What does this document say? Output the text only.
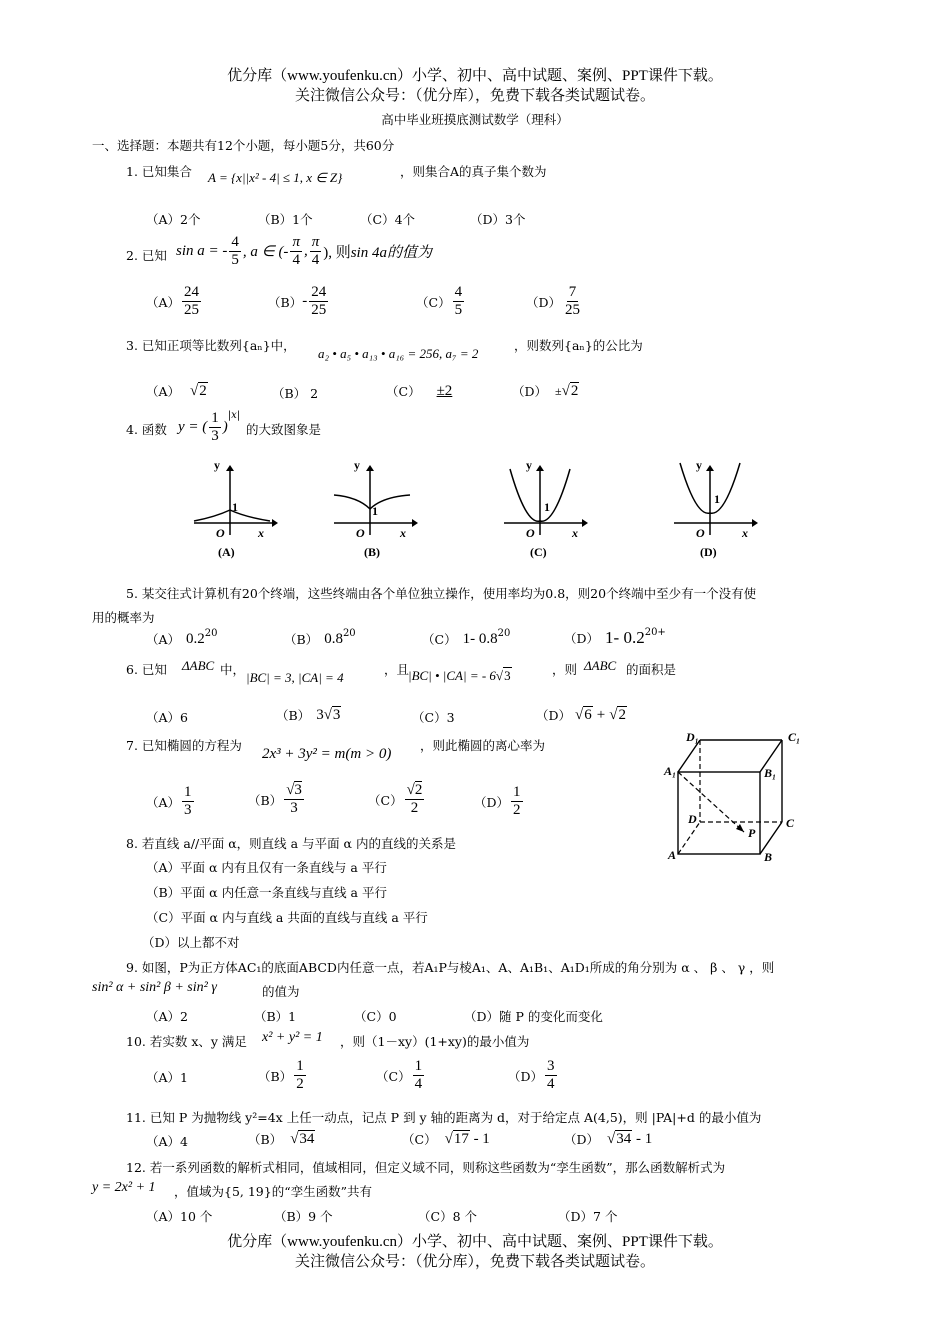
优分库（www.youfenku.cn）小学、初中、高中试题、案例、PPT课件下载。
关注微信公众号：（优分库），免费下载各类试题试卷。
高中毕业班摸底测试数学（理科）
一、选择题：本题共有12个小题，每小题5分，共60分
1. 已知集合 A = {x||x² - 4| ≤ 1, x ∈ Z}	，则集合A的真子集个数为
（A）2个	（B）1个	（C）4个	（D）3个
2. 已知 sin a = - $\frac{4}{5}$ , a ∈ (- $\frac{\pi}{4}$ , $\frac{\pi}{4}$ ), 则 sin 4a的值为
$(A) \frac{24}{25}$	$(B) - \frac{24}{25}$	$(C) \frac{4}{5}$	$(D) \frac{7}{25}$
3. 已知正项等比数列{aₙ}中，
a₂ • a₅ • a₁₃ • a₁₆ = 256, a₇ = 2
，则数列{aₙ}的公比为
（A） √2	（B） 2	（C） ±2	（D） ± √2
4. 函数 y = ( $\frac{1}{3}$ )
$^{|x|}$
的大致图象是
y
1
O	x
(A)
y
1
O	x
(B)
y
1
O	x
(C)
y
1
O	x
(D)
5. 某交往式计算机有20个终端，这些终端由各个单位独立操作，使用率均为0.8，则20个终端中至少有一个没有使
用的概率为
（A） $0.2^{20}$	（B） $0.8^{20}$	（C） 1- $0.8^{20}$	（D） 1- $0.2^{20+}$
6. 已知 ΔABC 中，
|BC| = 3, |CA| = 4
，且
|BC| • |CA| = - 6 √3	，则 ΔABC 的面积是
（A）6	（B） 3 √3	（C）3	（D） √6 + √2
7. 已知椭圆的方程为
2x³ + 3y² = m(m > 0)
，则此椭圆的离心率为
$(A) \frac{1}{3}$	$(B) \frac{√3}{3}$	$(C) \frac{√2}{2}$	$(D) \frac{1}{2}$
D₁	C₁
A₁	B₁
D	C
P
A	B
8. 若直线 a//平面 α，则直线 a 与平面 α 内的直线的关系是
（A）平面 α 内有且仅有一条直线与 a 平行
（B）平面 α 内任意一条直线与直线 a 平行
（C）平面 α 内与直线 a 共面的直线与直线 a 平行
（D）以上都不对
9. 如图，P为正方体AC₁的底面ABCD内任意一点，若A₁P与棱A₁、A、A₁B₁、A₁D₁所成的角分别为 α 、 β 、 γ ，则
sin² α + sin² β + sin² γ	的值为
（A）2	（B）1	（C）0	（D）随 P 的变化而变化
10. 若实数 x、y 满足 x² + y² = 1 ，则（1－xy）(1+xy)的最小值为
（A）1	$(B) \frac{1}{2}$	$(C) \frac{1}{4}$	$(D) \frac{3}{4}$
11. 已知 P 为抛物线 y²=4x 上任一动点，记点 P 到 y 轴的距离为 d，对于给定点 A(4,5)，则 |PA|+d 的最小值为
（A）4	（B） √34	（C） √17 - 1	（D） √34 - 1
12. 若一系列函数的解析式相同，值域相同，但定义域不同，则称这些函数为“孪生函数”，那么函数解析式为
y = 2x² + 1 ，值域为{5, 19}的“孪生函数”共有
（A）10 个	（B）9 个	（C）8 个	（D）7 个
优分库（www.youfenku.cn）小学、初中、高中试题、案例、PPT课件下载。
关注微信公众号：（优分库），免费下载各类试题试卷。
